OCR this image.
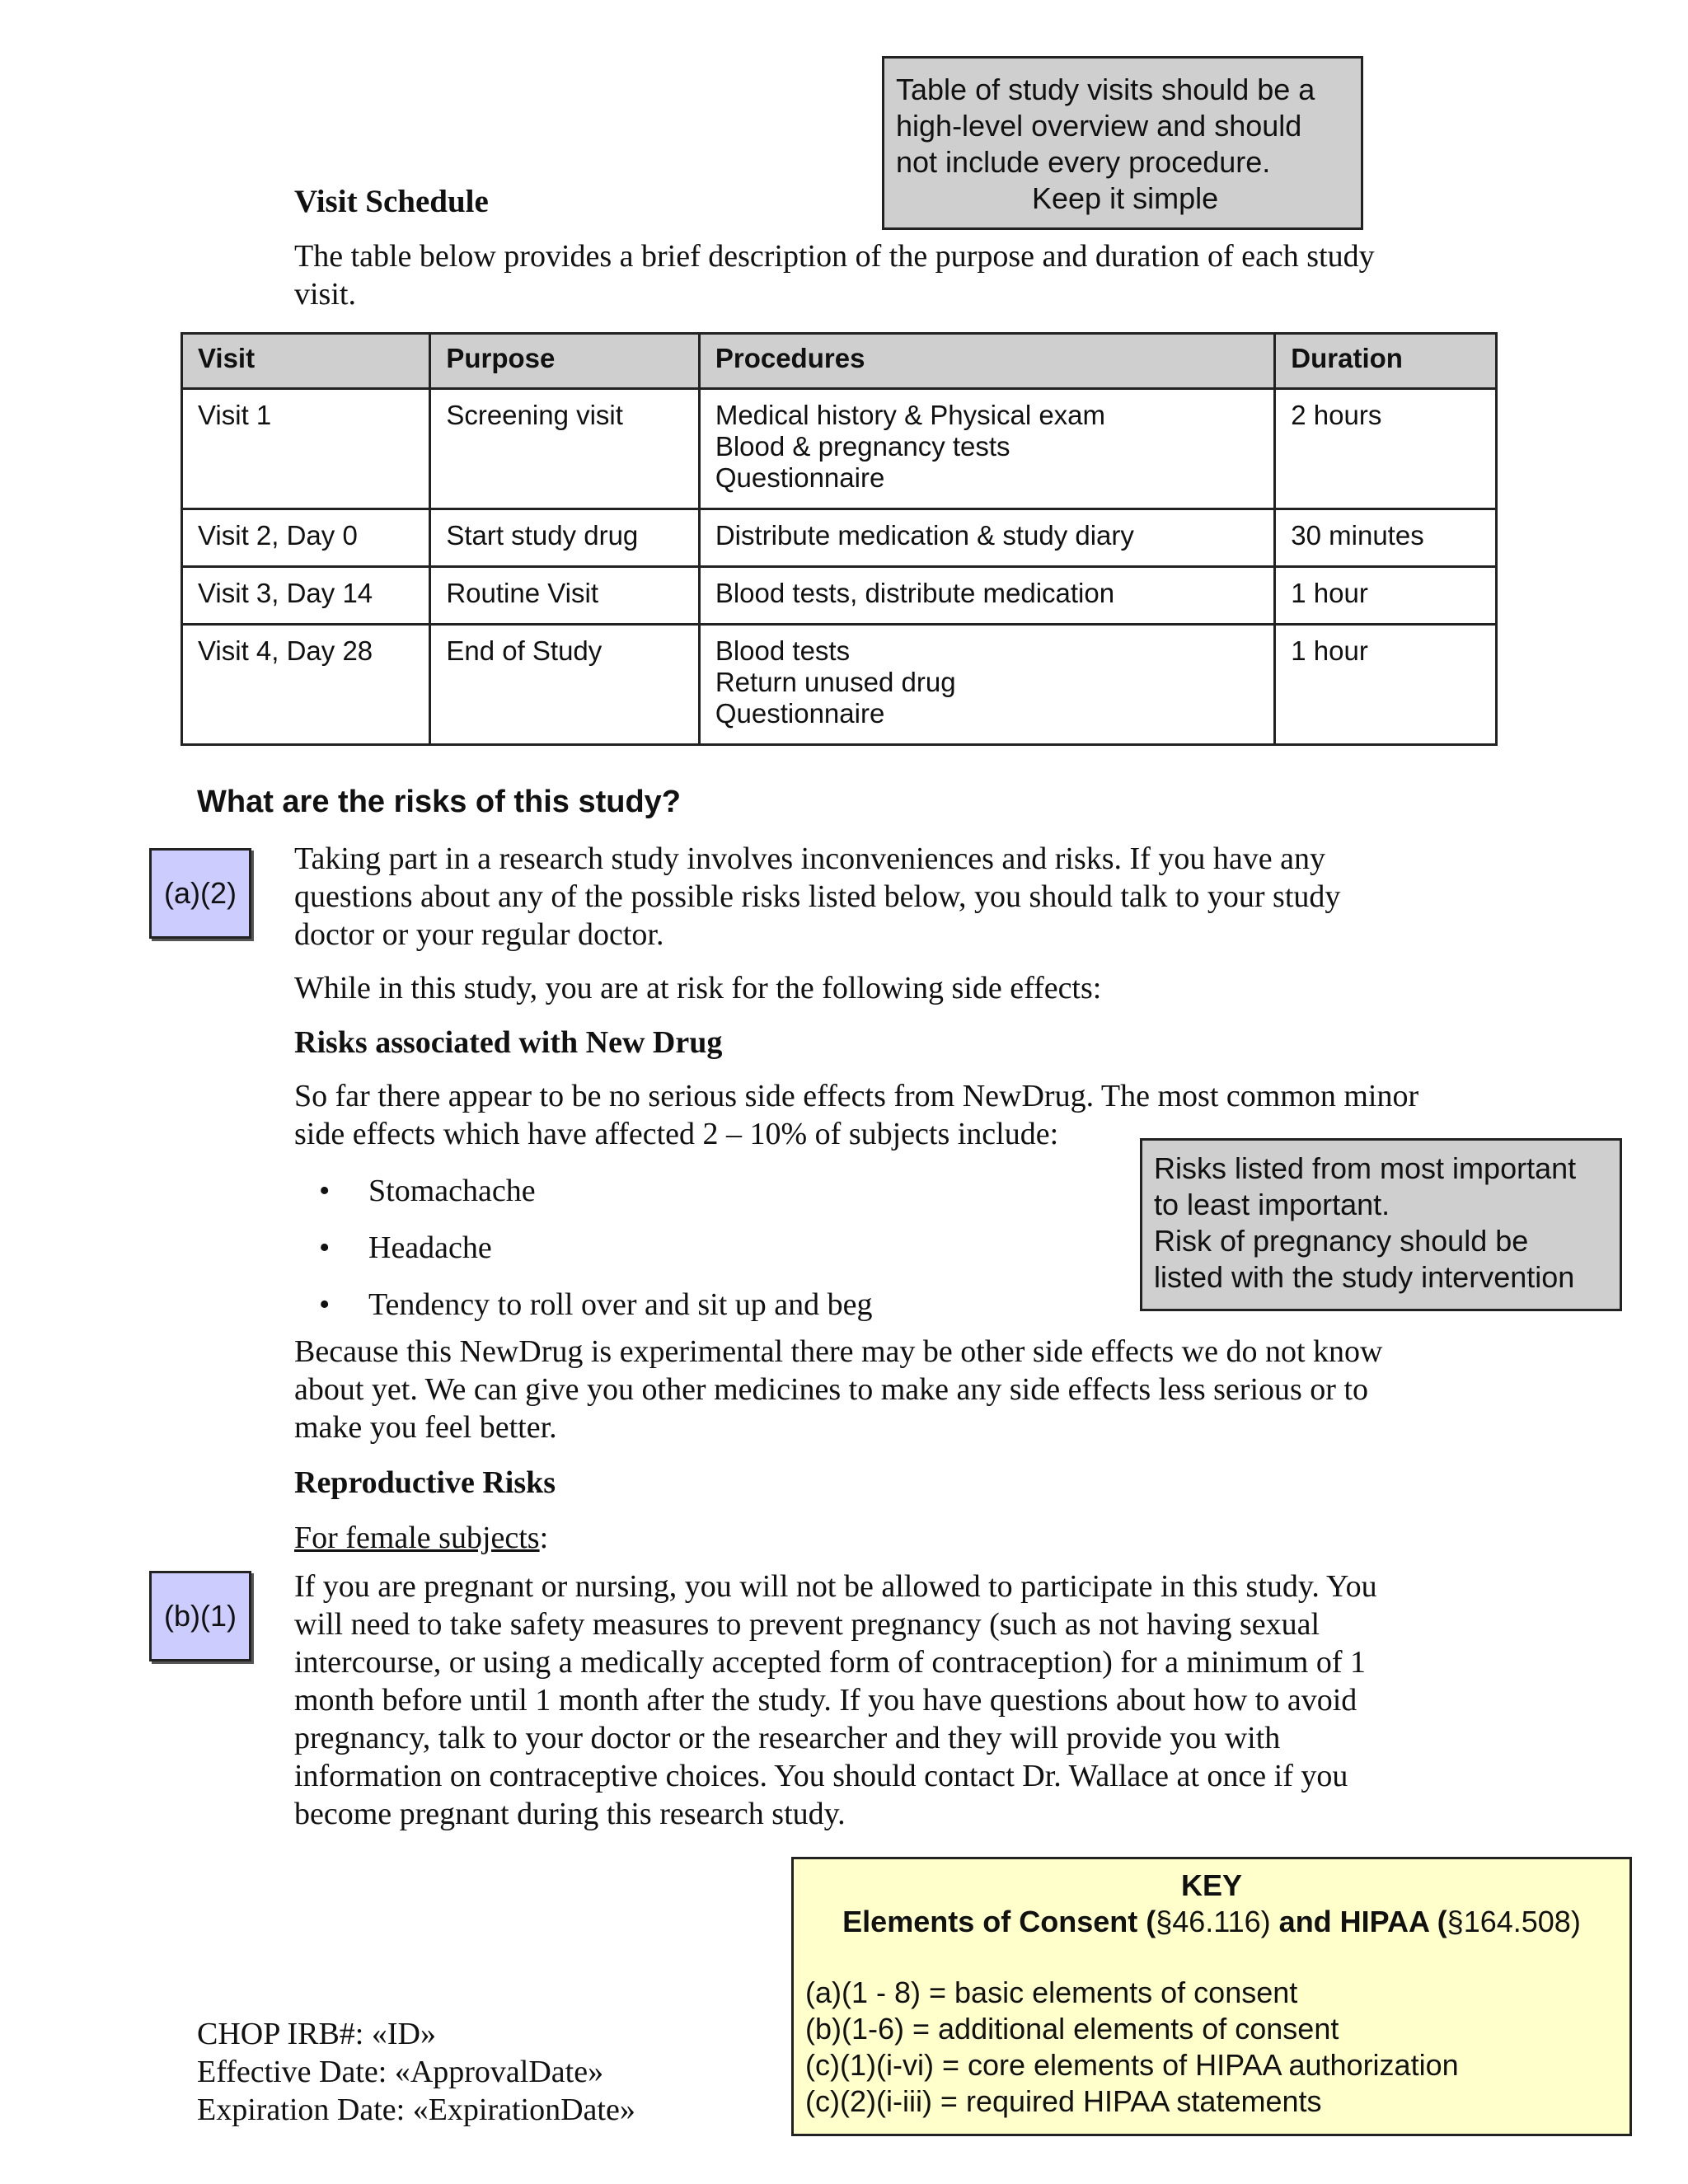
Table of study visits should be a
high-level overview and should
not include every procedure.
Keep it simple
Visit Schedule
The table below provides a brief description of the purpose and duration of each study
visit.
Visit	Purpose	Procedures	Duration
Visit 1	Screening visit	Medical history & Physical exam
Blood & pregnancy tests
Questionnaire	2 hours
Visit 2, Day 0	Start study drug	Distribute medication & study diary	30 minutes
Visit 3, Day 14	Routine Visit	Blood tests, distribute medication	1 hour
Visit 4, Day 28	End of Study	Blood tests
Return unused drug
Questionnaire	1 hour
What are the risks of this study?
(a)(2)
Taking part in a research study involves inconveniences and risks. If you have any
questions about any of the possible risks listed below, you should talk to your study
doctor or your regular doctor.
While in this study, you are at risk for the following side effects:
Risks associated with New Drug
So far there appear to be no serious side effects from NewDrug. The most common minor
side effects which have affected 2 – 10% of subjects include:
• Stomachache
• Headache
• Tendency to roll over and sit up and beg
Risks listed from most important
to least important.
Risk of pregnancy should be
listed with the study intervention
Because this NewDrug is experimental there may be other side effects we do not know
about yet. We can give you other medicines to make any side effects less serious or to
make you feel better.
Reproductive Risks
For female subjects:
(b)(1)
If you are pregnant or nursing, you will not be allowed to participate in this study. You
will need to take safety measures to prevent pregnancy (such as not having sexual
intercourse, or using a medically accepted form of contraception) for a minimum of 1
month before until 1 month after the study. If you have questions about how to avoid
pregnancy, talk to your doctor or the researcher and they will provide you with
information on contraceptive choices. You should contact Dr. Wallace at once if you
become pregnant during this research study.
KEY
Elements of Consent (§46.116) and HIPAA (§164.508)
(a)(1 - 8) = basic elements of consent
(b)(1-6) = additional elements of consent
(c)(1)(i-vi) = core elements of HIPAA authorization
(c)(2)(i-iii) = required HIPAA statements
CHOP IRB#: «ID»
Effective Date: «ApprovalDate»
Expiration Date: «ExpirationDate»
